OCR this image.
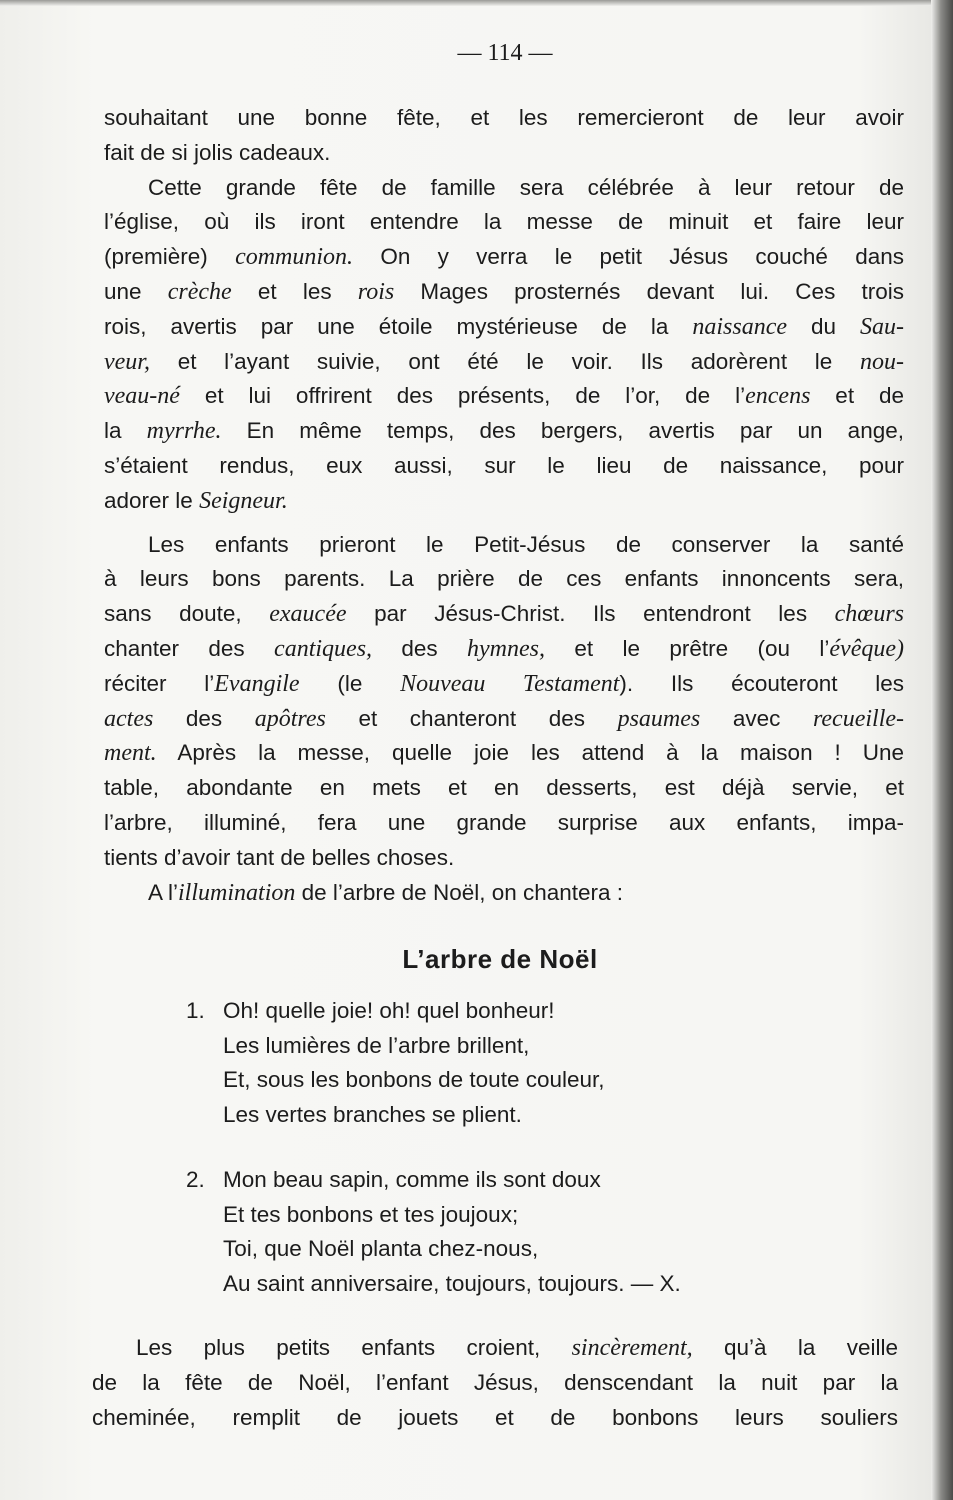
— 114 —

souhaitant une bonne fête, et les remercieront de leur avoir

fait de si jolis cadeaux.

Cette grande fête de famille sera célébrée à leur retour de

l’église, où ils iront entendre la messe de minuit et faire leur

(première) communion. On y verra le petit Jésus couché dans

une crèche et les rois Mages prosternés devant lui. Ces trois

rois, avertis par une étoile mystérieuse de la naissance du Sau-

veur, et l’ayant suivie, ont été le voir. Ils adorèrent le nou-

veau-né et lui offrirent des présents, de l’or, de l’encens et de

la myrrhe. En même temps, des bergers, avertis par un ange,

s’étaient rendus, eux aussi, sur le lieu de naissance, pour

adorer le Seigneur.

Les enfants prieront le Petit-Jésus de conserver la santé

à leurs bons parents. La prière de ces enfants innoncents sera,

sans doute, exaucée par Jésus-Christ. Ils entendront les chœurs

chanter des cantiques, des hymnes, et le prêtre (ou l’évêque)

réciter l’Evangile (le Nouveau Testament). Ils écouteront les

actes des apôtres et chanteront des psaumes avec recueille-

ment. Après la messe, quelle joie les attend à la maison ! Une

table, abondante en mets et en desserts, est déjà servie, et

l’arbre, illuminé, fera une grande surprise aux enfants, impa-

tients d’avoir tant de belles choses.

A l’illumination de l’arbre de Noël, on chantera :

L’arbre de Noël
1. Oh! quelle joie! oh! quel bonheur!
Les lumières de l’arbre brillent,
Et, sous les bonbons de toute couleur,
Les vertes branches se plient.
2. Mon beau sapin, comme ils sont doux
Et tes bonbons et tes joujoux;
Toi, que Noël planta chez-nous,
Au saint anniversaire, toujours, toujours. — X.

Les plus petits enfants croient, sincèrement, qu’à la veille

de la fête de Noël, l’enfant Jésus, denscendant la nuit par la

cheminée, remplit de jouets et de bonbons leurs souliers
